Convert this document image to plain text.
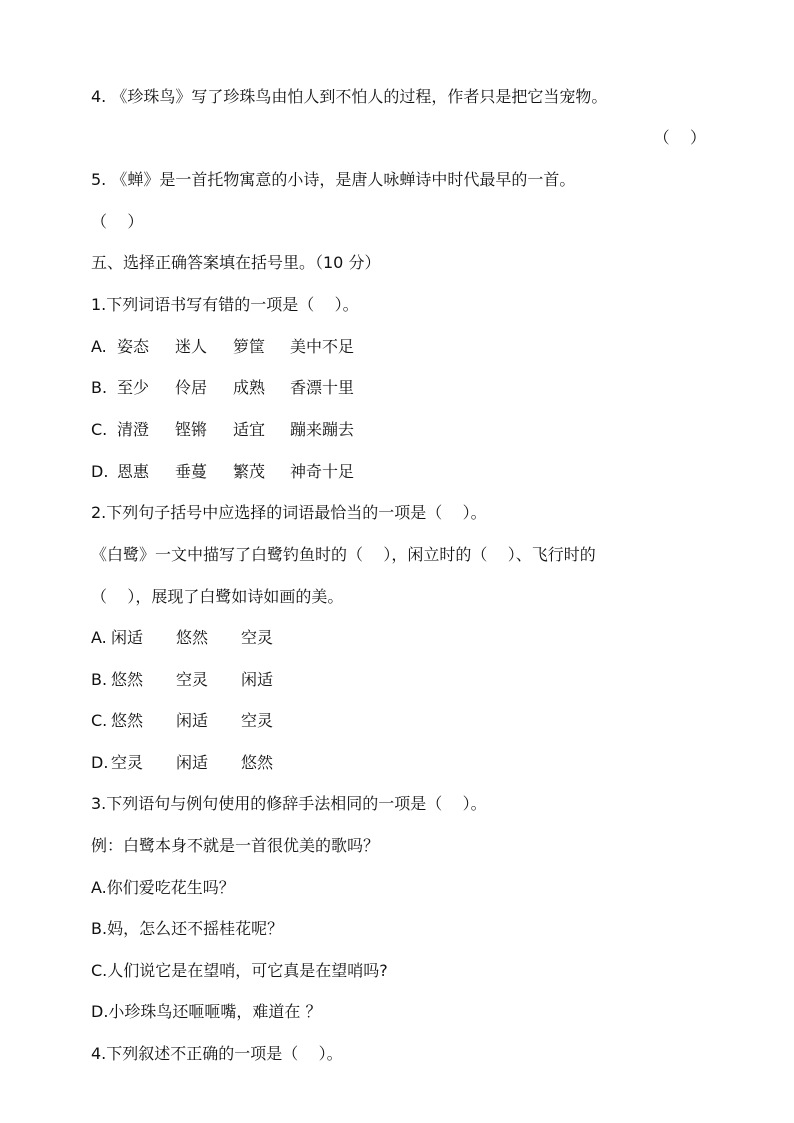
4. 《珍珠鸟》写了珍珠鸟由怕人到不怕人的过程，作者只是把它当宠物。
（    ）
5. 《蝉》是一首托物寓意的小诗，是唐人咏蝉诗中时代最早的一首。
（    ）
五、选择正确答案填在括号里。（10 分）
1.下列词语书写有错的一项是（    ）。
A. 姿态 迷人 箩筐 美中不足
B. 至少 伶居 成熟 香漂十里
C. 清澄 铿锵 适宜 蹦来蹦去
D. 恩惠 垂蔓 繁茂 神奇十足
2.下列句子括号中应选择的词语最恰当的一项是（    ）。
《白鹭》一文中描写了白鹭钓鱼时的（    ），闲立时的（    ）、飞行时的
（    ），展现了白鹭如诗如画的美。
A. 闲适 悠然 空灵
B. 悠然 空灵 闲适
C. 悠然 闲适 空灵
D. 空灵 闲适 悠然
3.下列语句与例句使用的修辞手法相同的一项是（    ）。
例：白鹭本身不就是一首很优美的歌吗？
A.你们爱吃花生吗？
B.妈，怎么还不摇桂花呢？
C.人们说它是在望哨，可它真是在望哨吗?
D.小珍珠鸟还咂咂嘴，难道在 ？
4.下列叙述不正确的一项是（    ）。
